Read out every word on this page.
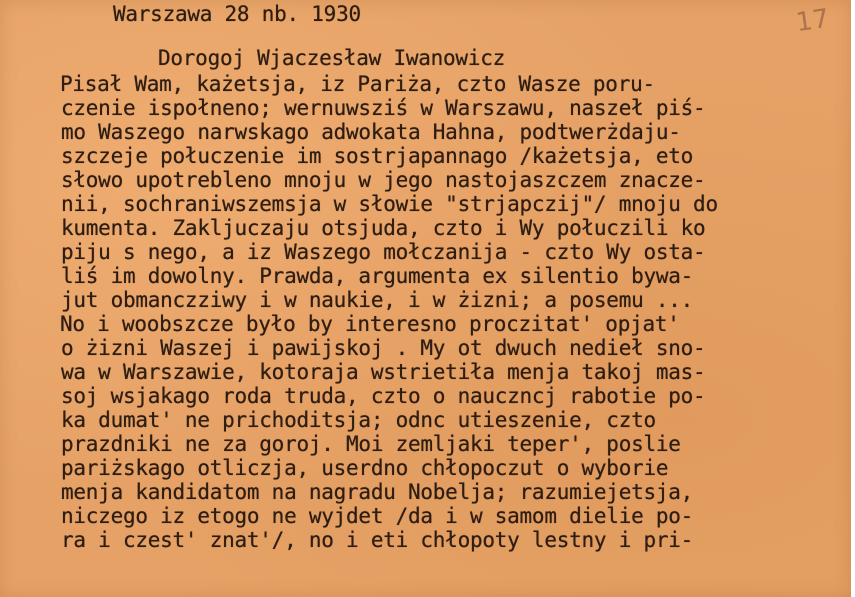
17

Warszawa 28 nb. 1930

Dorogoj Wjaczesław Iwanowicz

Pisał Wam, każetsja, iz Pariża, czto Wasze poru-

czenie ispołneno; wernuwsziś w Warszawu, naszeł piś-

mo Waszego narwskago adwokata Hahna, podtwerżdaju-

szczeje połuczenie im sostrjapannago /każetsja, eto

słowo upotrebleno mnoju w jego nastojaszczem znacze-

nii, sochraniwszemsja w słowie "strjapczij"/ mnoju do

kumenta. Zakljuczaju otsjuda, czto i Wy połuczili ko

piju s nego, a iz Waszego mołczanija - czto Wy osta-

liś im dowolny. Prawda, argumenta ex silentio bywa-

jut obmanczziwy i w naukie, i w żizni; a posemu ...

No i woobszcze było by interesno proczitat' opjat'

o żizni Waszej i pawijskoj . My ot dwuch nedieł sno-

wa w Warszawie, kotoraja wstrietiła menja takoj mas-

soj wsjakago roda truda, czto o nauczncj rabotie po-

ka dumat' ne prichoditsja; odnc utieszenie, czto

prazdniki ne za goroj. Moi zemljaki teper', poslie

pariżskago otliczja, userdno chłopoczut o wyborie

menja kandidatom na nagradu Nobelja; razumiejetsja,

niczego iz etogo ne wyjdet /da i w samom dielie po-

ra i czest' znat'/, no i eti chłopoty lestny i pri-
